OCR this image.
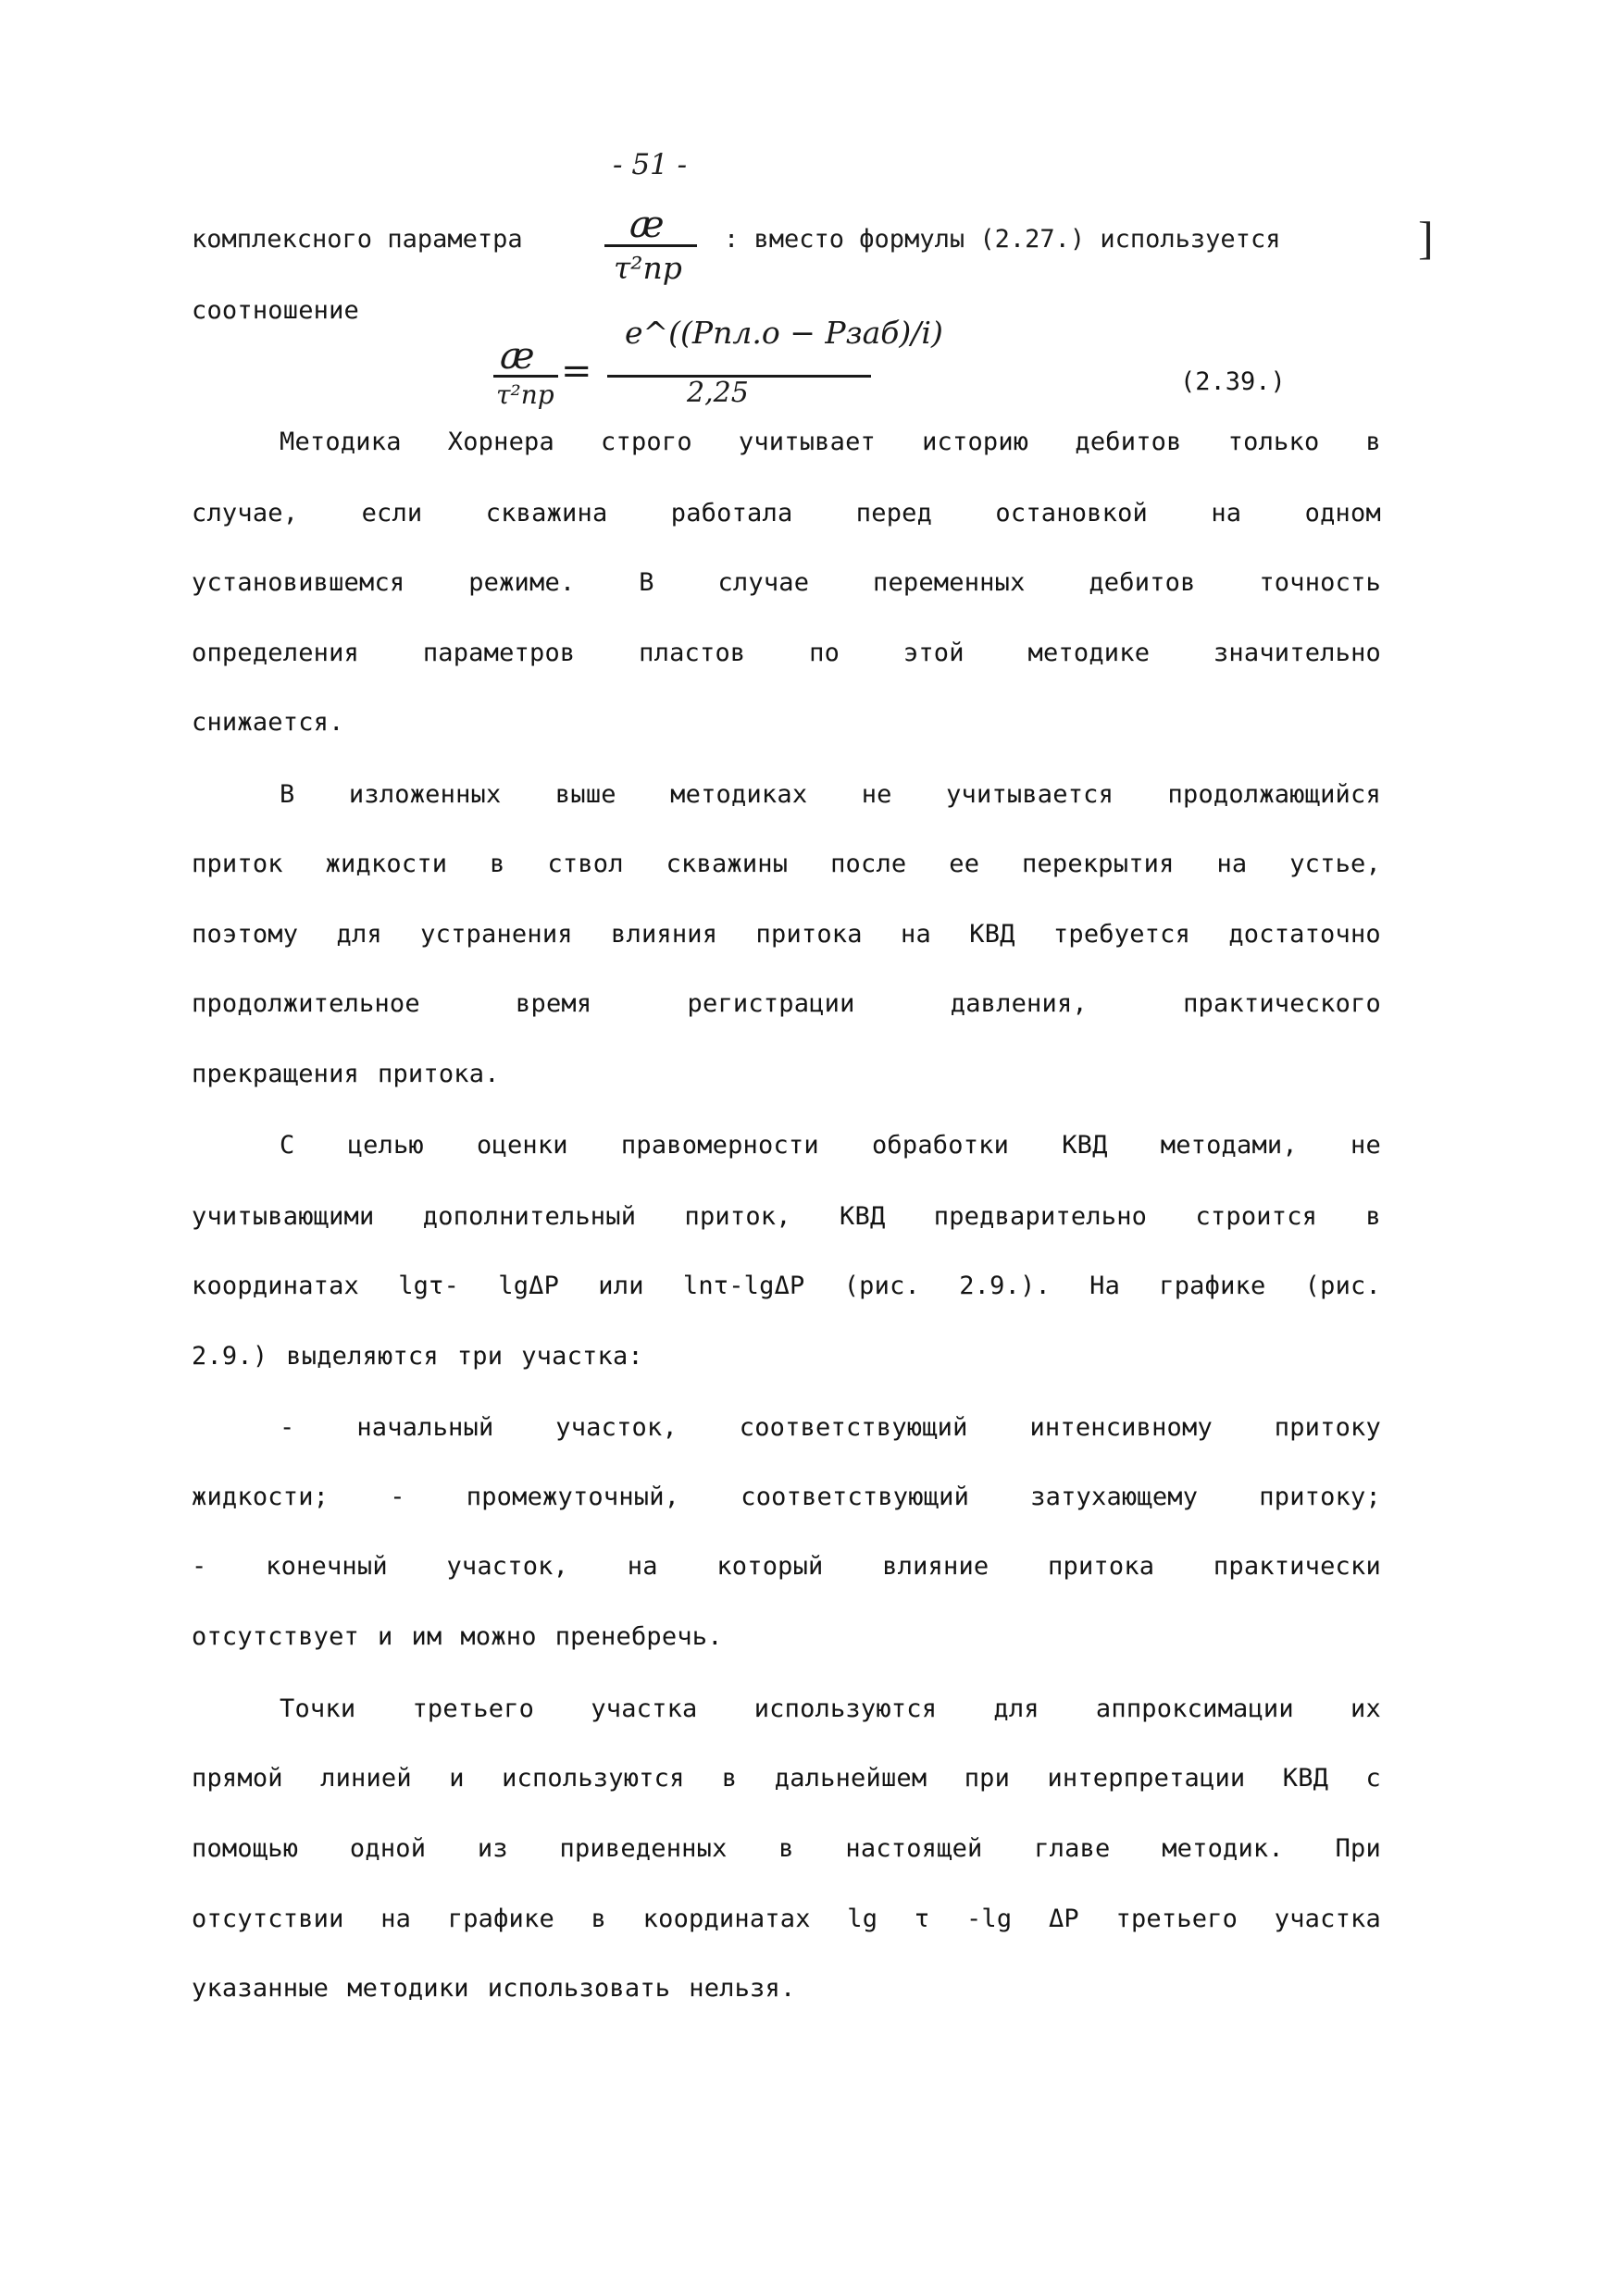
- 51 -
]
комплексного параметра	æ
τ²пр
: вместо формулы (2.27.) используется
соотношение
æ
τ²пр
=
e^((Pпл.o − Pзаб)/i)
2,25	(2.39.)
Методика Хорнера строго учитывает историю дебитов только в
случае,	если	скважина	работала	перед	остановкой	на	одном
установившемся	режиме.	В	случае	переменных	дебитов	точность
определения	параметров	пластов	по	этой	методике	значительно
снижается.
В изложенных выше методиках не учитывается продолжающийся
приток жидкости в ствол скважины после ее перекрытия на устье,
поэтому для устранения влияния притока на КВД требуется достаточно
продолжительное	время	регистрации	давления,	практического
прекращения притока.
С целью оценки правомерности обработки КВД методами, не
учитывающими дополнительный приток, КВД предварительно строится в
координатах lgτ- lgΔP или lnτ-lgΔP (рис. 2.9.). На графике (рис.
2.9.) выделяются три участка:
- начальный участок, соответствующий интенсивному притоку
жидкости; - промежуточный, соответствующий затухающему притоку;
- конечный участок, на который влияние притока практически
отсутствует и им можно пренебречь.
Точки третьего участка используются для аппроксимации их
прямой линией и используются в дальнейшем при интерпретации КВД с
помощью одной из приведенных в настоящей главе методик. При
отсутствии на графике в координатах lg τ -lg ΔP третьего участка
указанные методики использовать нельзя.
